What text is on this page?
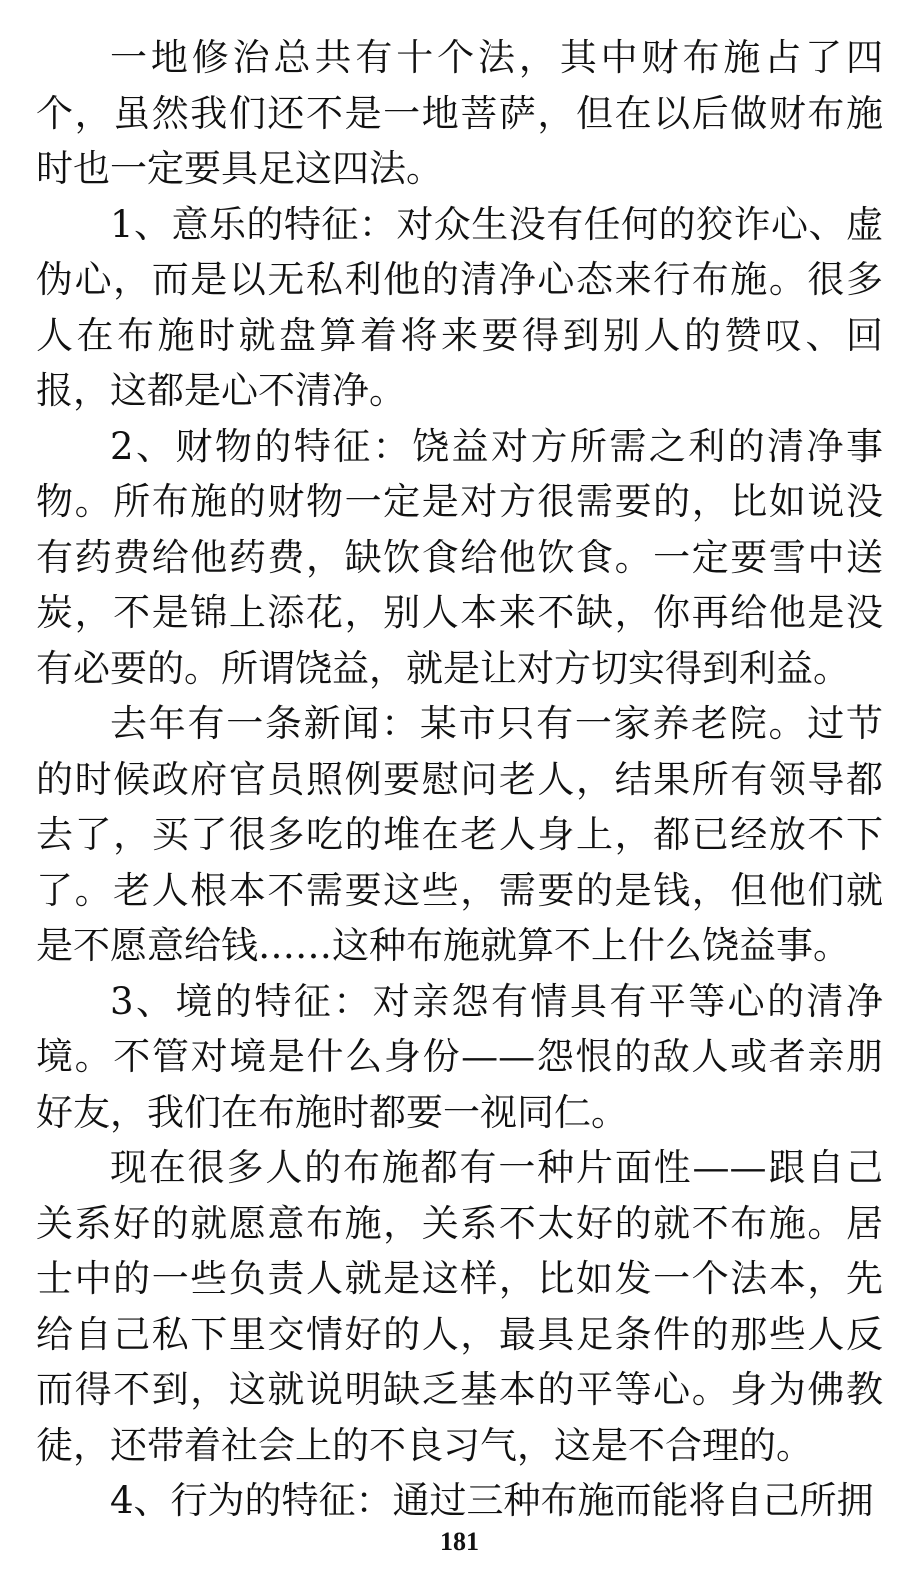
一地修治总共有十个法，其中财布施占了四个，虽然我们还不是一地菩萨，但在以后做财布施时也一定要具足这四法。

1、意乐的特征：对众生没有任何的狡诈心、虚伪心，而是以无私利他的清净心态来行布施。很多人在布施时就盘算着将来要得到别人的赞叹、回报，这都是心不清净。

2、财物的特征：饶益对方所需之利的清净事物。所布施的财物一定是对方很需要的，比如说没有药费给他药费，缺饮食给他饮食。一定要雪中送炭，不是锦上添花，别人本来不缺，你再给他是没有必要的。所谓饶益，就是让对方切实得到利益。

去年有一条新闻：某市只有一家养老院。过节的时候政府官员照例要慰问老人，结果所有领导都去了，买了很多吃的堆在老人身上，都已经放不下了。老人根本不需要这些，需要的是钱，但他们就是不愿意给钱……这种布施就算不上什么饶益事。

3、境的特征：对亲怨有情具有平等心的清净境。不管对境是什么身份——怨恨的敌人或者亲朋好友，我们在布施时都要一视同仁。

现在很多人的布施都有一种片面性——跟自己关系好的就愿意布施，关系不太好的就不布施。居士中的一些负责人就是这样，比如发一个法本，先给自己私下里交情好的人，最具足条件的那些人反而得不到，这就说明缺乏基本的平等心。身为佛教徒，还带着社会上的不良习气，这是不合理的。

4、行为的特征：通过三种布施而能将自己所拥

181
